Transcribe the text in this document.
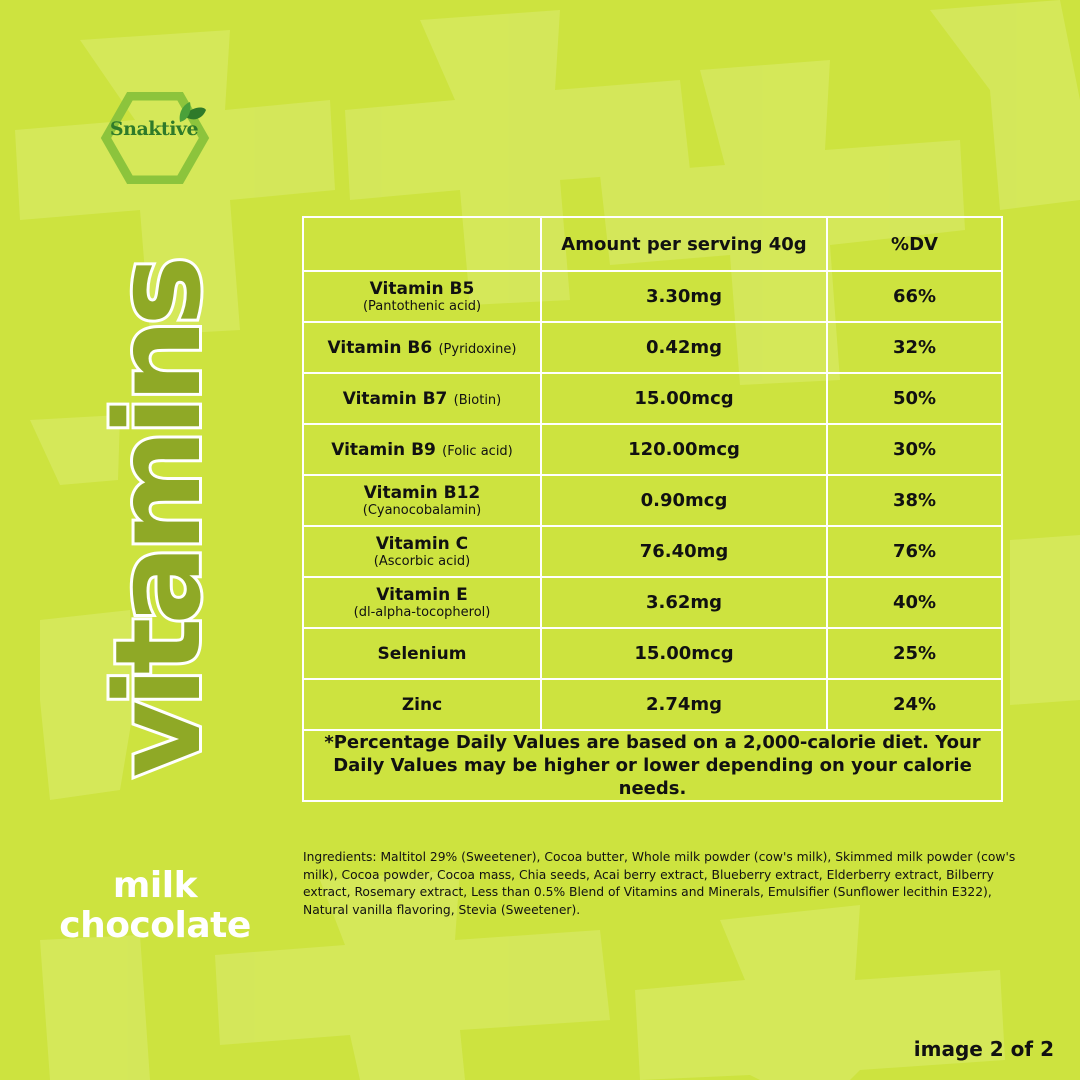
Snaktive
vitamins
milk
chocolate
	Amount per serving 40g	%DV

Vitamin B5
(Pantothenic acid)	3.30mg	66%
Vitamin B6 (Pyridoxine)	0.42mg	32%
Vitamin B7 (Biotin)	15.00mcg	50%
Vitamin B9 (Folic acid)	120.00mcg	30%

Vitamin B12
(Cyanocobalamin)	0.90mcg	38%

Vitamin C
(Ascorbic acid)	76.40mg	76%

Vitamin E
(dl-alpha-tocopherol)	3.62mg	40%
Selenium	15.00mcg	25%
Zinc	2.74mg	24%
*Percentage Daily Values are based on a 2,000-calorie diet. Your Daily Values may be higher or lower depending on your calorie needs.		
Ingredients: Maltitol 29% (Sweetener), Cocoa butter, Whole milk powder (cow's milk), Skimmed milk powder (cow's milk), Cocoa powder, Cocoa mass, Chia seeds, Acai berry extract, Blueberry extract, Elderberry extract, Bilberry extract, Rosemary extract, Less than 0.5% Blend of Vitamins and Minerals, Emulsifier (Sunflower lecithin E322), Natural vanilla flavoring, Stevia (Sweetener).
image 2 of 2
